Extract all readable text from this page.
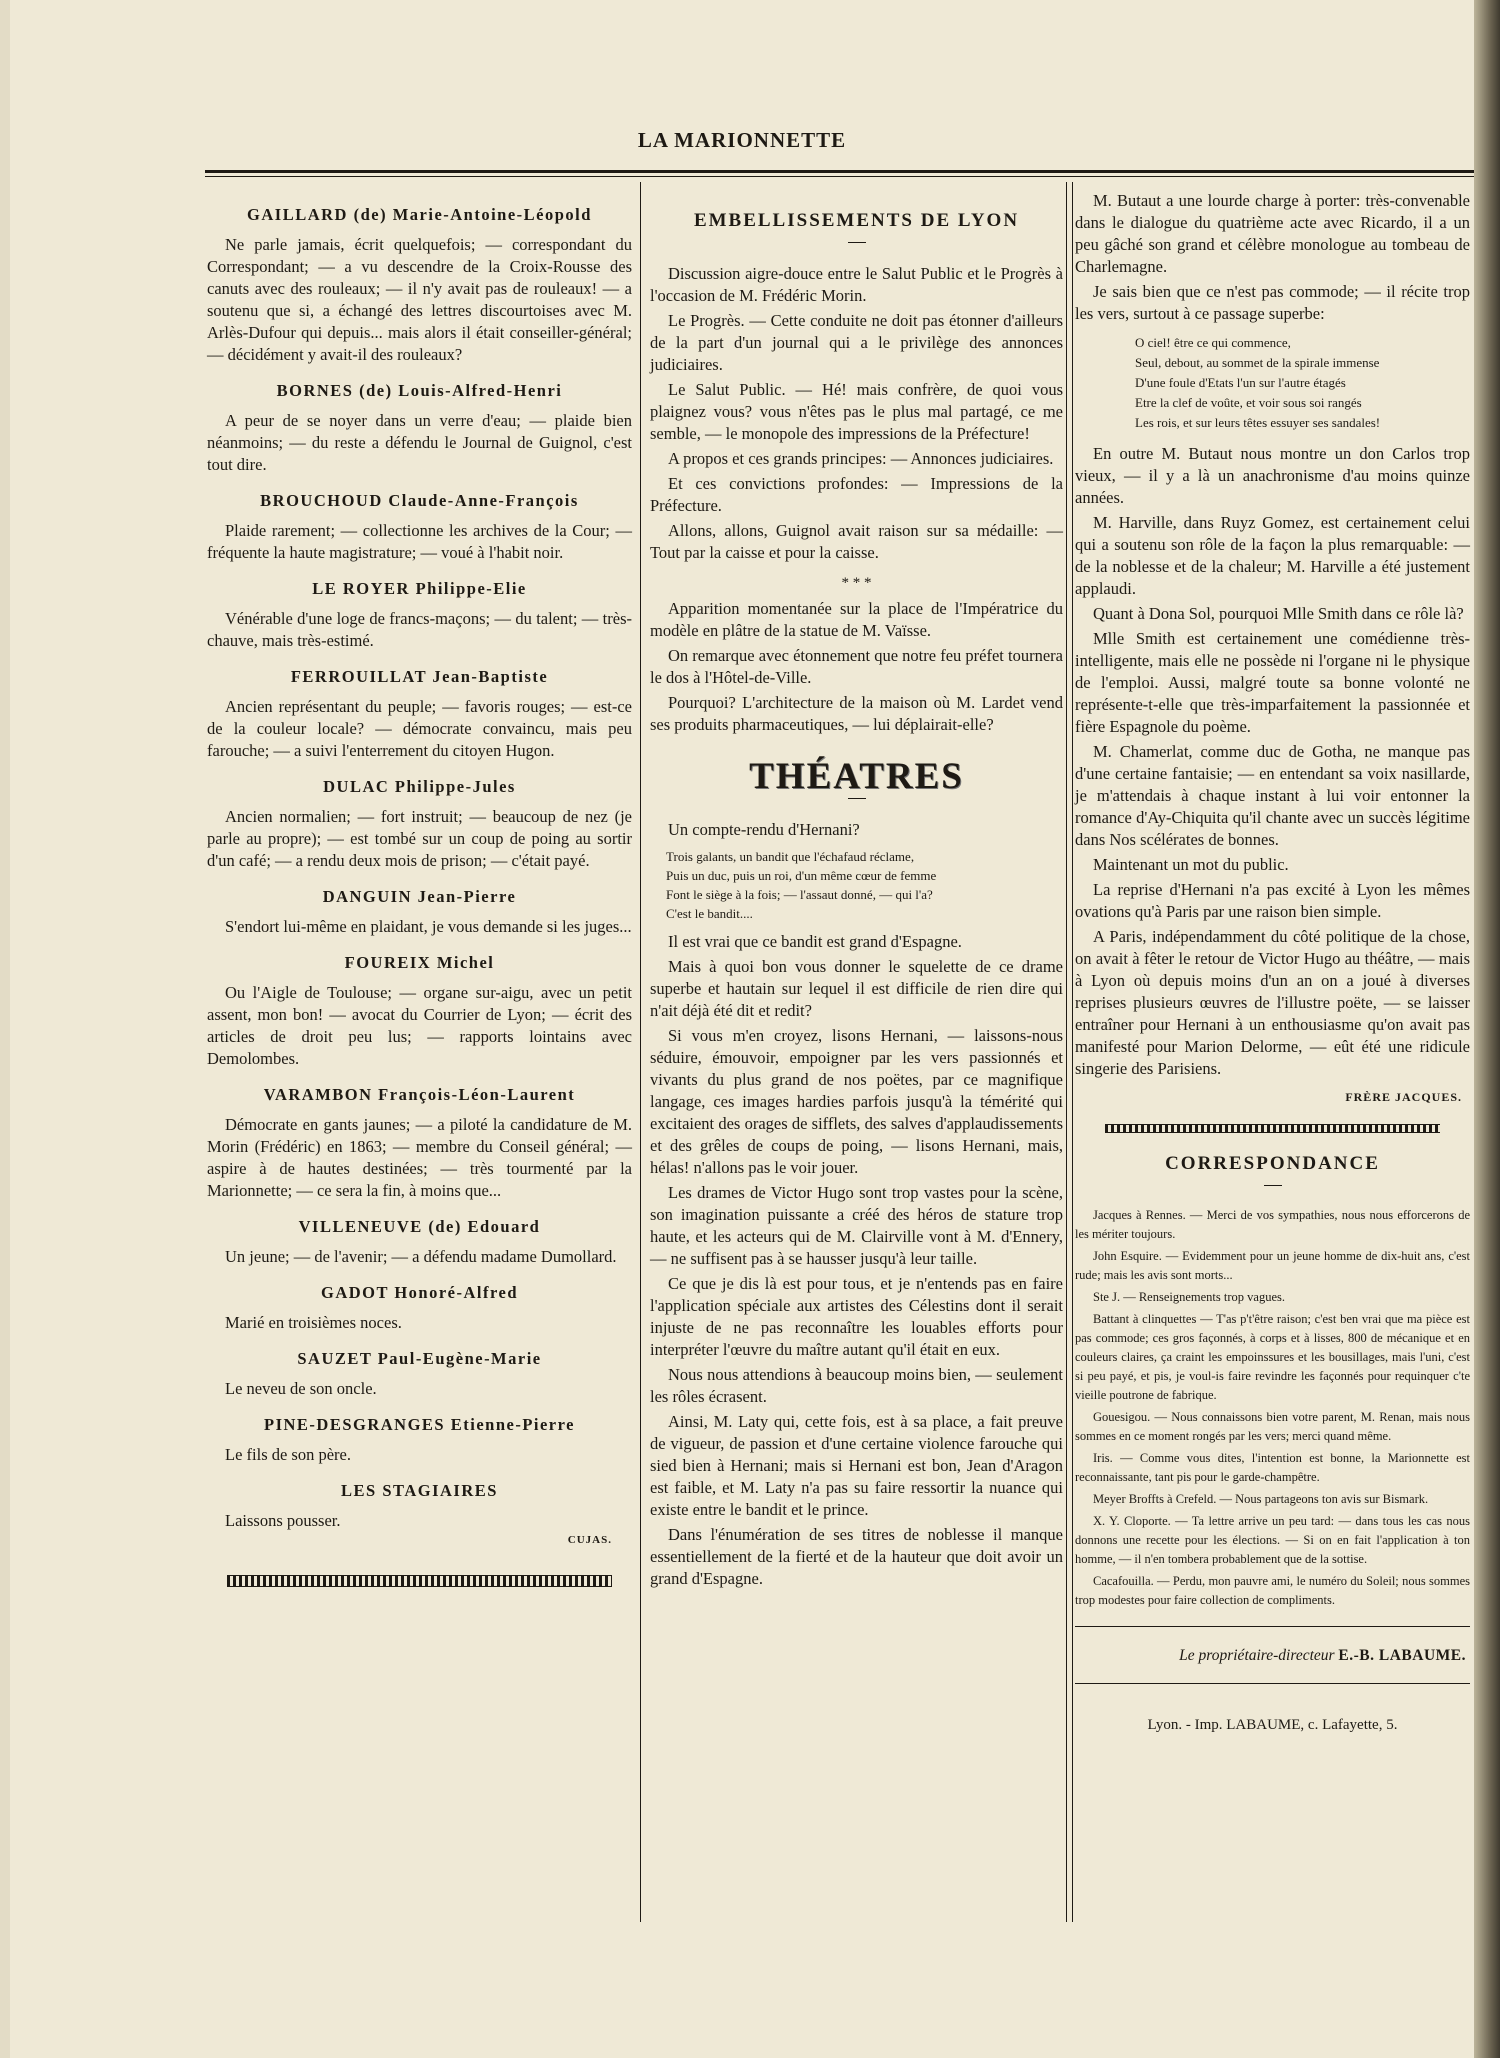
LA MARIONNETTE
GAILLARD (de) Marie-Antoine-Léopold

Ne parle jamais, écrit quelquefois; — correspondant du Correspondant; — a vu descendre de la Croix-Rousse des canuts avec des rouleaux; — il n'y avait pas de rouleaux! — a soutenu que si, a échangé des lettres discourtoises avec M. Arlès-Dufour qui depuis... mais alors il était conseiller-général; — décidément y avait-il des rouleaux?

BORNES (de) Louis-Alfred-Henri

A peur de se noyer dans un verre d'eau; — plaide bien néanmoins; — du reste a défendu le Journal de Guignol, c'est tout dire.

BROUCHOUD Claude-Anne-François

Plaide rarement; — collectionne les archives de la Cour; — fréquente la haute magistrature; — voué à l'habit noir.

LE ROYER Philippe-Elie

Vénérable d'une loge de francs-maçons; — du talent; — très-chauve, mais très-estimé.

FERROUILLAT Jean-Baptiste

Ancien représentant du peuple; — favoris rouges; — est-ce de la couleur locale? — démocrate convaincu, mais peu farouche; — a suivi l'enterrement du citoyen Hugon.

DULAC Philippe-Jules

Ancien normalien; — fort instruit; — beaucoup de nez (je parle au propre); — est tombé sur un coup de poing au sortir d'un café; — a rendu deux mois de prison; — c'était payé.

DANGUIN Jean-Pierre

S'endort lui-même en plaidant, je vous demande si les juges...

FOUREIX Michel

Ou l'Aigle de Toulouse; — organe sur-aigu, avec un petit assent, mon bon! — avocat du Courrier de Lyon; — écrit des articles de droit peu lus; — rapports lointains avec Demolombes.

VARAMBON François-Léon-Laurent

Démocrate en gants jaunes; — a piloté la candidature de M. Morin (Frédéric) en 1863; — membre du Conseil général; — aspire à de hautes destinées; — très tourmenté par la Marionnette; — ce sera la fin, à moins que...

VILLENEUVE (de) Edouard

Un jeune; — de l'avenir; — a défendu madame Dumollard.

GADOT Honoré-Alfred

Marié en troisièmes noces.

SAUZET Paul-Eugène-Marie

Le neveu de son oncle.

PINE-DESGRANGES Etienne-Pierre

Le fils de son père.

LES STAGIAIRES

Laissons pousser.

CUJAS.
EMBELLISSEMENTS DE LYON

Discussion aigre-douce entre le Salut Public et le Progrès à l'occasion de M. Frédéric Morin.

Le Progrès. — Cette conduite ne doit pas étonner d'ailleurs de la part d'un journal qui a le privilège des annonces judiciaires.

Le Salut Public. — Hé! mais confrère, de quoi vous plaignez vous? vous n'êtes pas le plus mal partagé, ce me semble, — le monopole des impressions de la Préfecture!

A propos et ces grands principes: — Annonces judiciaires.

Et ces convictions profondes: — Impressions de la Préfecture.

Allons, allons, Guignol avait raison sur sa médaille: — Tout par la caisse et pour la caisse.

* * *

Apparition momentanée sur la place de l'Impératrice du modèle en plâtre de la statue de M. Vaïsse.

On remarque avec étonnement que notre feu préfet tournera le dos à l'Hôtel-de-Ville.

Pourquoi? L'architecture de la maison où M. Lardet vend ses produits pharmaceutiques, — lui déplairait-elle?

THÉATRES

Un compte-rendu d'Hernani?

Trois galants, un bandit que l'échafaud réclame,
Puis un duc, puis un roi, d'un même cœur de femme
Font le siège à la fois; — l'assaut donné, — qui l'a?
C'est le bandit....

Il est vrai que ce bandit est grand d'Espagne.

Mais à quoi bon vous donner le squelette de ce drame superbe et hautain sur lequel il est difficile de rien dire qui n'ait déjà été dit et redit?

Si vous m'en croyez, lisons Hernani, — laissons-nous séduire, émouvoir, empoigner par les vers passionnés et vivants du plus grand de nos poëtes, par ce magnifique langage, ces images hardies parfois jusqu'à la témérité qui excitaient des orages de sifflets, des salves d'applaudissements et des grêles de coups de poing, — lisons Hernani, mais, hélas! n'allons pas le voir jouer.

Les drames de Victor Hugo sont trop vastes pour la scène, son imagination puissante a créé des héros de stature trop haute, et les acteurs qui de M. Clairville vont à M. d'Ennery, — ne suffisent pas à se hausser jusqu'à leur taille.

Ce que je dis là est pour tous, et je n'entends pas en faire l'application spéciale aux artistes des Célestins dont il serait injuste de ne pas reconnaître les louables efforts pour interpréter l'œuvre du maître autant qu'il était en eux.

Nous nous attendions à beaucoup moins bien, — seulement les rôles écrasent.

Ainsi, M. Laty qui, cette fois, est à sa place, a fait preuve de vigueur, de passion et d'une certaine violence farouche qui sied bien à Hernani; mais si Hernani est bon, Jean d'Aragon est faible, et M. Laty n'a pas su faire ressortir la nuance qui existe entre le bandit et le prince.

Dans l'énumération de ses titres de noblesse il manque essentiellement de la fierté et de la hauteur que doit avoir un grand d'Espagne.

M. Butaut a une lourde charge à porter: très-convenable dans le dialogue du quatrième acte avec Ricardo, il a un peu gâché son grand et célèbre monologue au tombeau de Charlemagne.

Je sais bien que ce n'est pas commode; — il récite trop les vers, surtout à ce passage superbe:

O ciel! être ce qui commence,
Seul, debout, au sommet de la spirale immense
D'une foule d'Etats l'un sur l'autre étagés
Etre la clef de voûte, et voir sous soi rangés
Les rois, et sur leurs têtes essuyer ses sandales!

En outre M. Butaut nous montre un don Carlos trop vieux, — il y a là un anachronisme d'au moins quinze années.

M. Harville, dans Ruyz Gomez, est certainement celui qui a soutenu son rôle de la façon la plus remarquable: — de la noblesse et de la chaleur; M. Harville a été justement applaudi.

Quant à Dona Sol, pourquoi Mlle Smith dans ce rôle là?

Mlle Smith est certainement une comédienne très-intelligente, mais elle ne possède ni l'organe ni le physique de l'emploi. Aussi, malgré toute sa bonne volonté ne représente-t-elle que très-imparfaitement la passionnée et fière Espagnole du poème.

M. Chamerlat, comme duc de Gotha, ne manque pas d'une certaine fantaisie; — en entendant sa voix nasillarde, je m'attendais à chaque instant à lui voir entonner la romance d'Ay-Chiquita qu'il chante avec un succès légitime dans Nos scélérates de bonnes.

Maintenant un mot du public.

La reprise d'Hernani n'a pas excité à Lyon les mêmes ovations qu'à Paris par une raison bien simple.

A Paris, indépendamment du côté politique de la chose, on avait à fêter le retour de Victor Hugo au théâtre, — mais à Lyon où depuis moins d'un an on a joué à diverses reprises plusieurs œuvres de l'illustre poëte, — se laisser entraîner pour Hernani à un enthousiasme qu'on avait pas manifesté pour Marion Delorme, — eût été une ridicule singerie des Parisiens.

FRÈRE JACQUES.
CORRESPONDANCE

Jacques à Rennes. — Merci de vos sympathies, nous nous efforcerons de les mériter toujours.

John Esquire. — Evidemment pour un jeune homme de dix-huit ans, c'est rude; mais les avis sont morts...

Ste J. — Renseignements trop vagues.

Battant à clinquettes — T'as p't'être raison; c'est ben vrai que ma pièce est pas commode; ces gros façonnés, à corps et à lisses, 800 de mécanique et en couleurs claires, ça craint les empoinssures et les bousillages, mais l'uni, c'est si peu payé, et pis, je voul-is faire revindre les façonnés pour requinquer c'te vieille poutrone de fabrique.

Gouesigou. — Nous connaissons bien votre parent, M. Renan, mais nous sommes en ce moment rongés par les vers; merci quand même.

Iris. — Comme vous dites, l'intention est bonne, la Marionnette est reconnaissante, tant pis pour le garde-champêtre.

Meyer Broffts à Crefeld. — Nous partageons ton avis sur Bismark.

X. Y. Cloporte. — Ta lettre arrive un peu tard: — dans tous les cas nous donnons une recette pour les élections. — Si on en fait l'application à ton homme, — il n'en tombera probablement que de la sottise.

Cacafouilla. — Perdu, mon pauvre ami, le numéro du Soleil; nous sommes trop modestes pour faire collection de compliments.

Le propriétaire-directeur E.-B. LABAUME.
Lyon. - Imp. LABAUME, c. Lafayette, 5.
